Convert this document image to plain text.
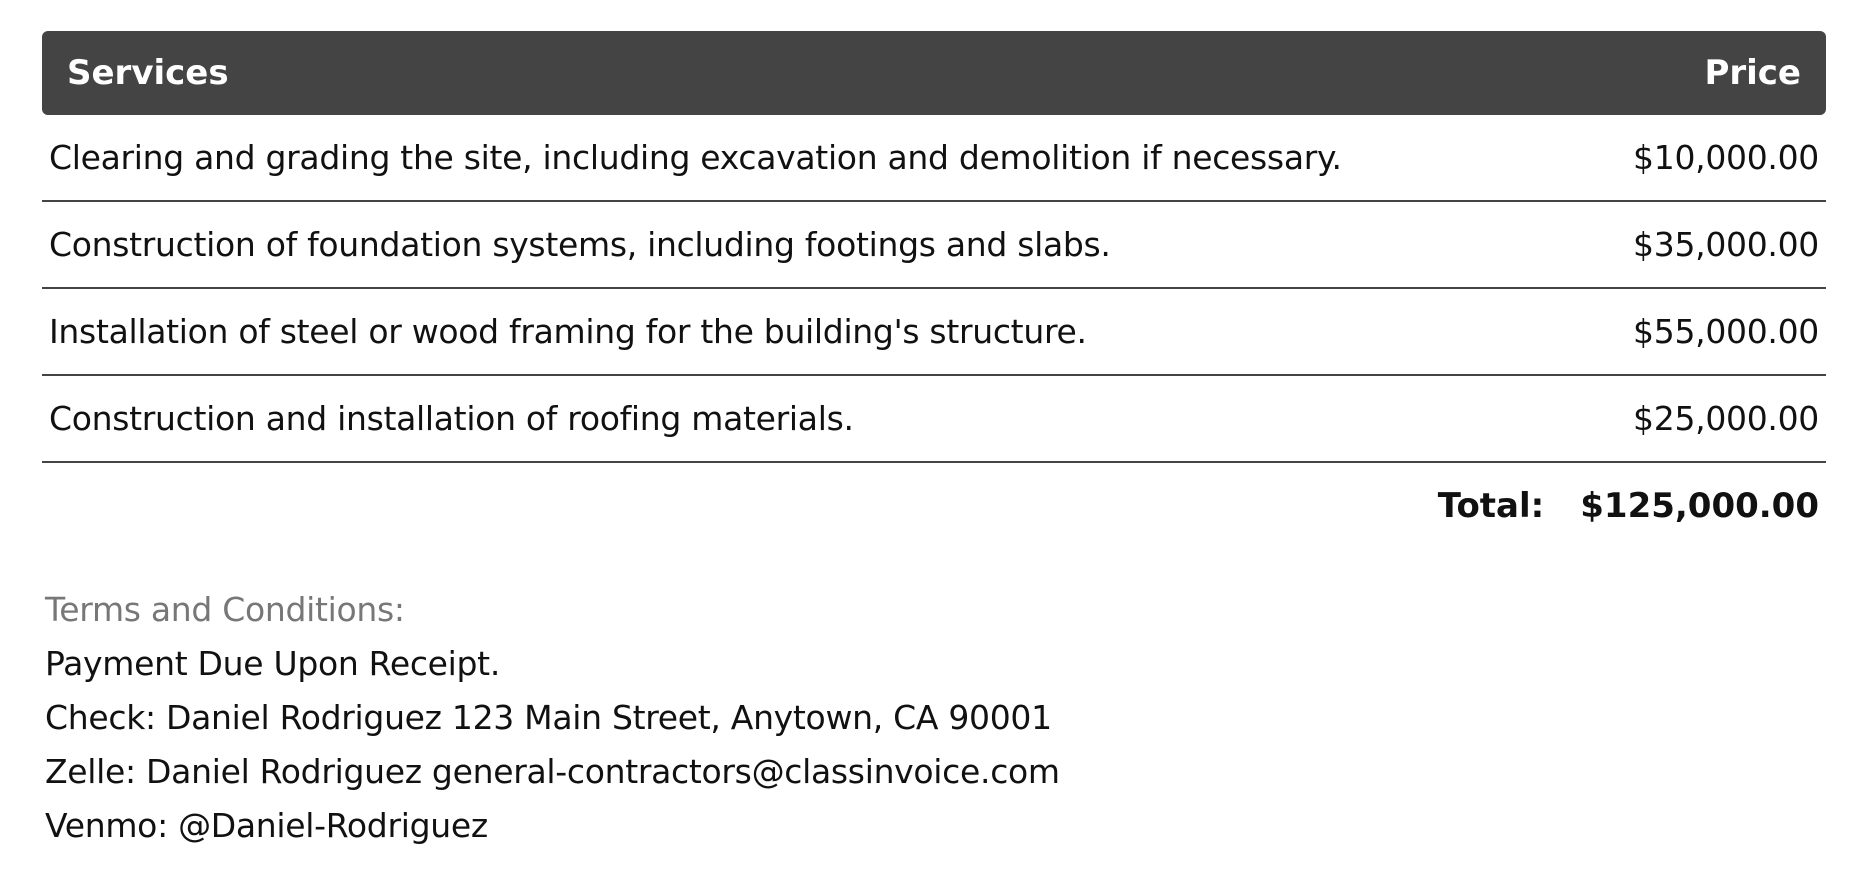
Services	Price
Clearing and grading the site, including excavation and demolition if necessary.	$10,000.00
Construction of foundation systems, including footings and slabs.	$35,000.00
Installation of steel or wood framing for the building's structure.	$55,000.00
Construction and installation of roofing materials.	$25,000.00
Total: $125,000.00
Terms and Conditions:
Payment Due Upon Receipt.
Check: Daniel Rodriguez 123 Main Street, Anytown, CA 90001
Zelle: Daniel Rodriguez general-contractors@classinvoice.com
Venmo: @Daniel-Rodriguez
